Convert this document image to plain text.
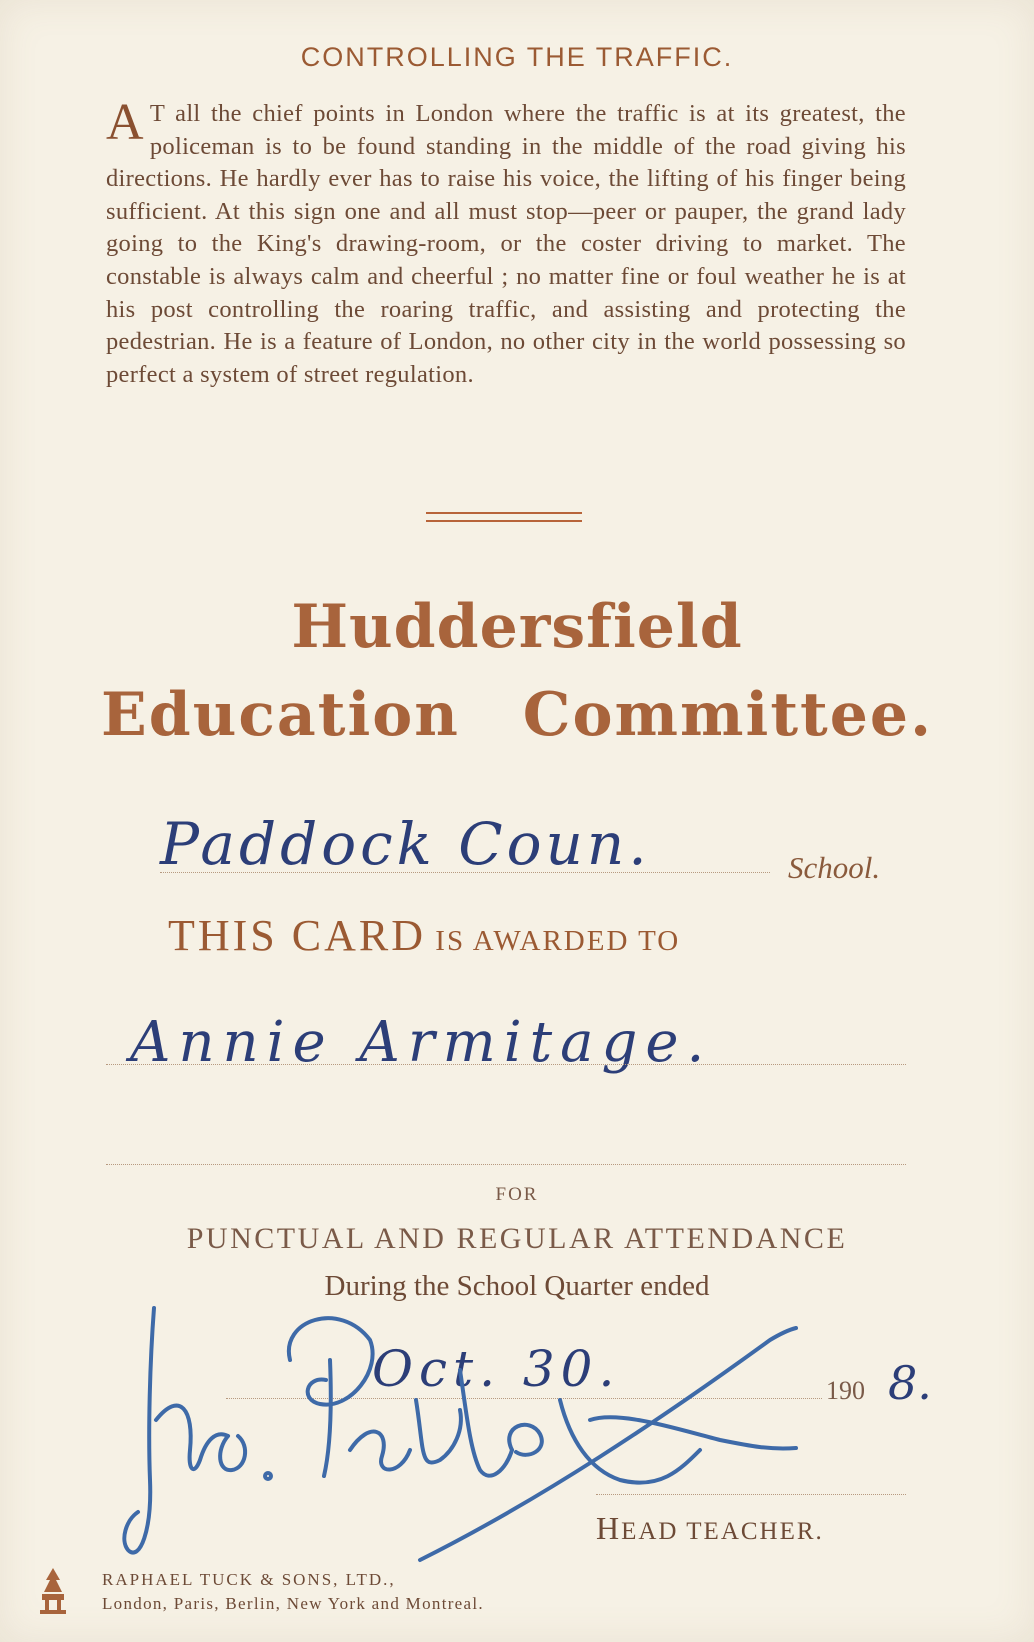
CONTROLLING THE TRAFFIC.
A T all the chief points in London where the traffic is at its greatest, the policeman is to be found standing in the middle of the road giving his directions. He hardly ever has to raise his voice, the lifting of his finger being sufficient. At this sign one and all must stop—peer or pauper, the grand lady going to the King's drawing-room, or the coster driving to market. The constable is always calm and cheerful ; no matter fine or foul weather he is at his post controlling the roaring traffic, and assisting and protecting the pedestrian. He is a feature of London, no other city in the world possessing so perfect a system of street regulation.
Huddersfield
Education Committee.
Paddock Coun.	School.
THIS CARD IS AWARDED TO
Annie Armitage.
FOR
PUNCTUAL AND REGULAR ATTENDANCE
During the School Quarter ended
Oct. 30.	190 8.
HEAD TEACHER.
RAPHAEL TUCK & SONS, LTD.,
London, Paris, Berlin, New York and Montreal.
